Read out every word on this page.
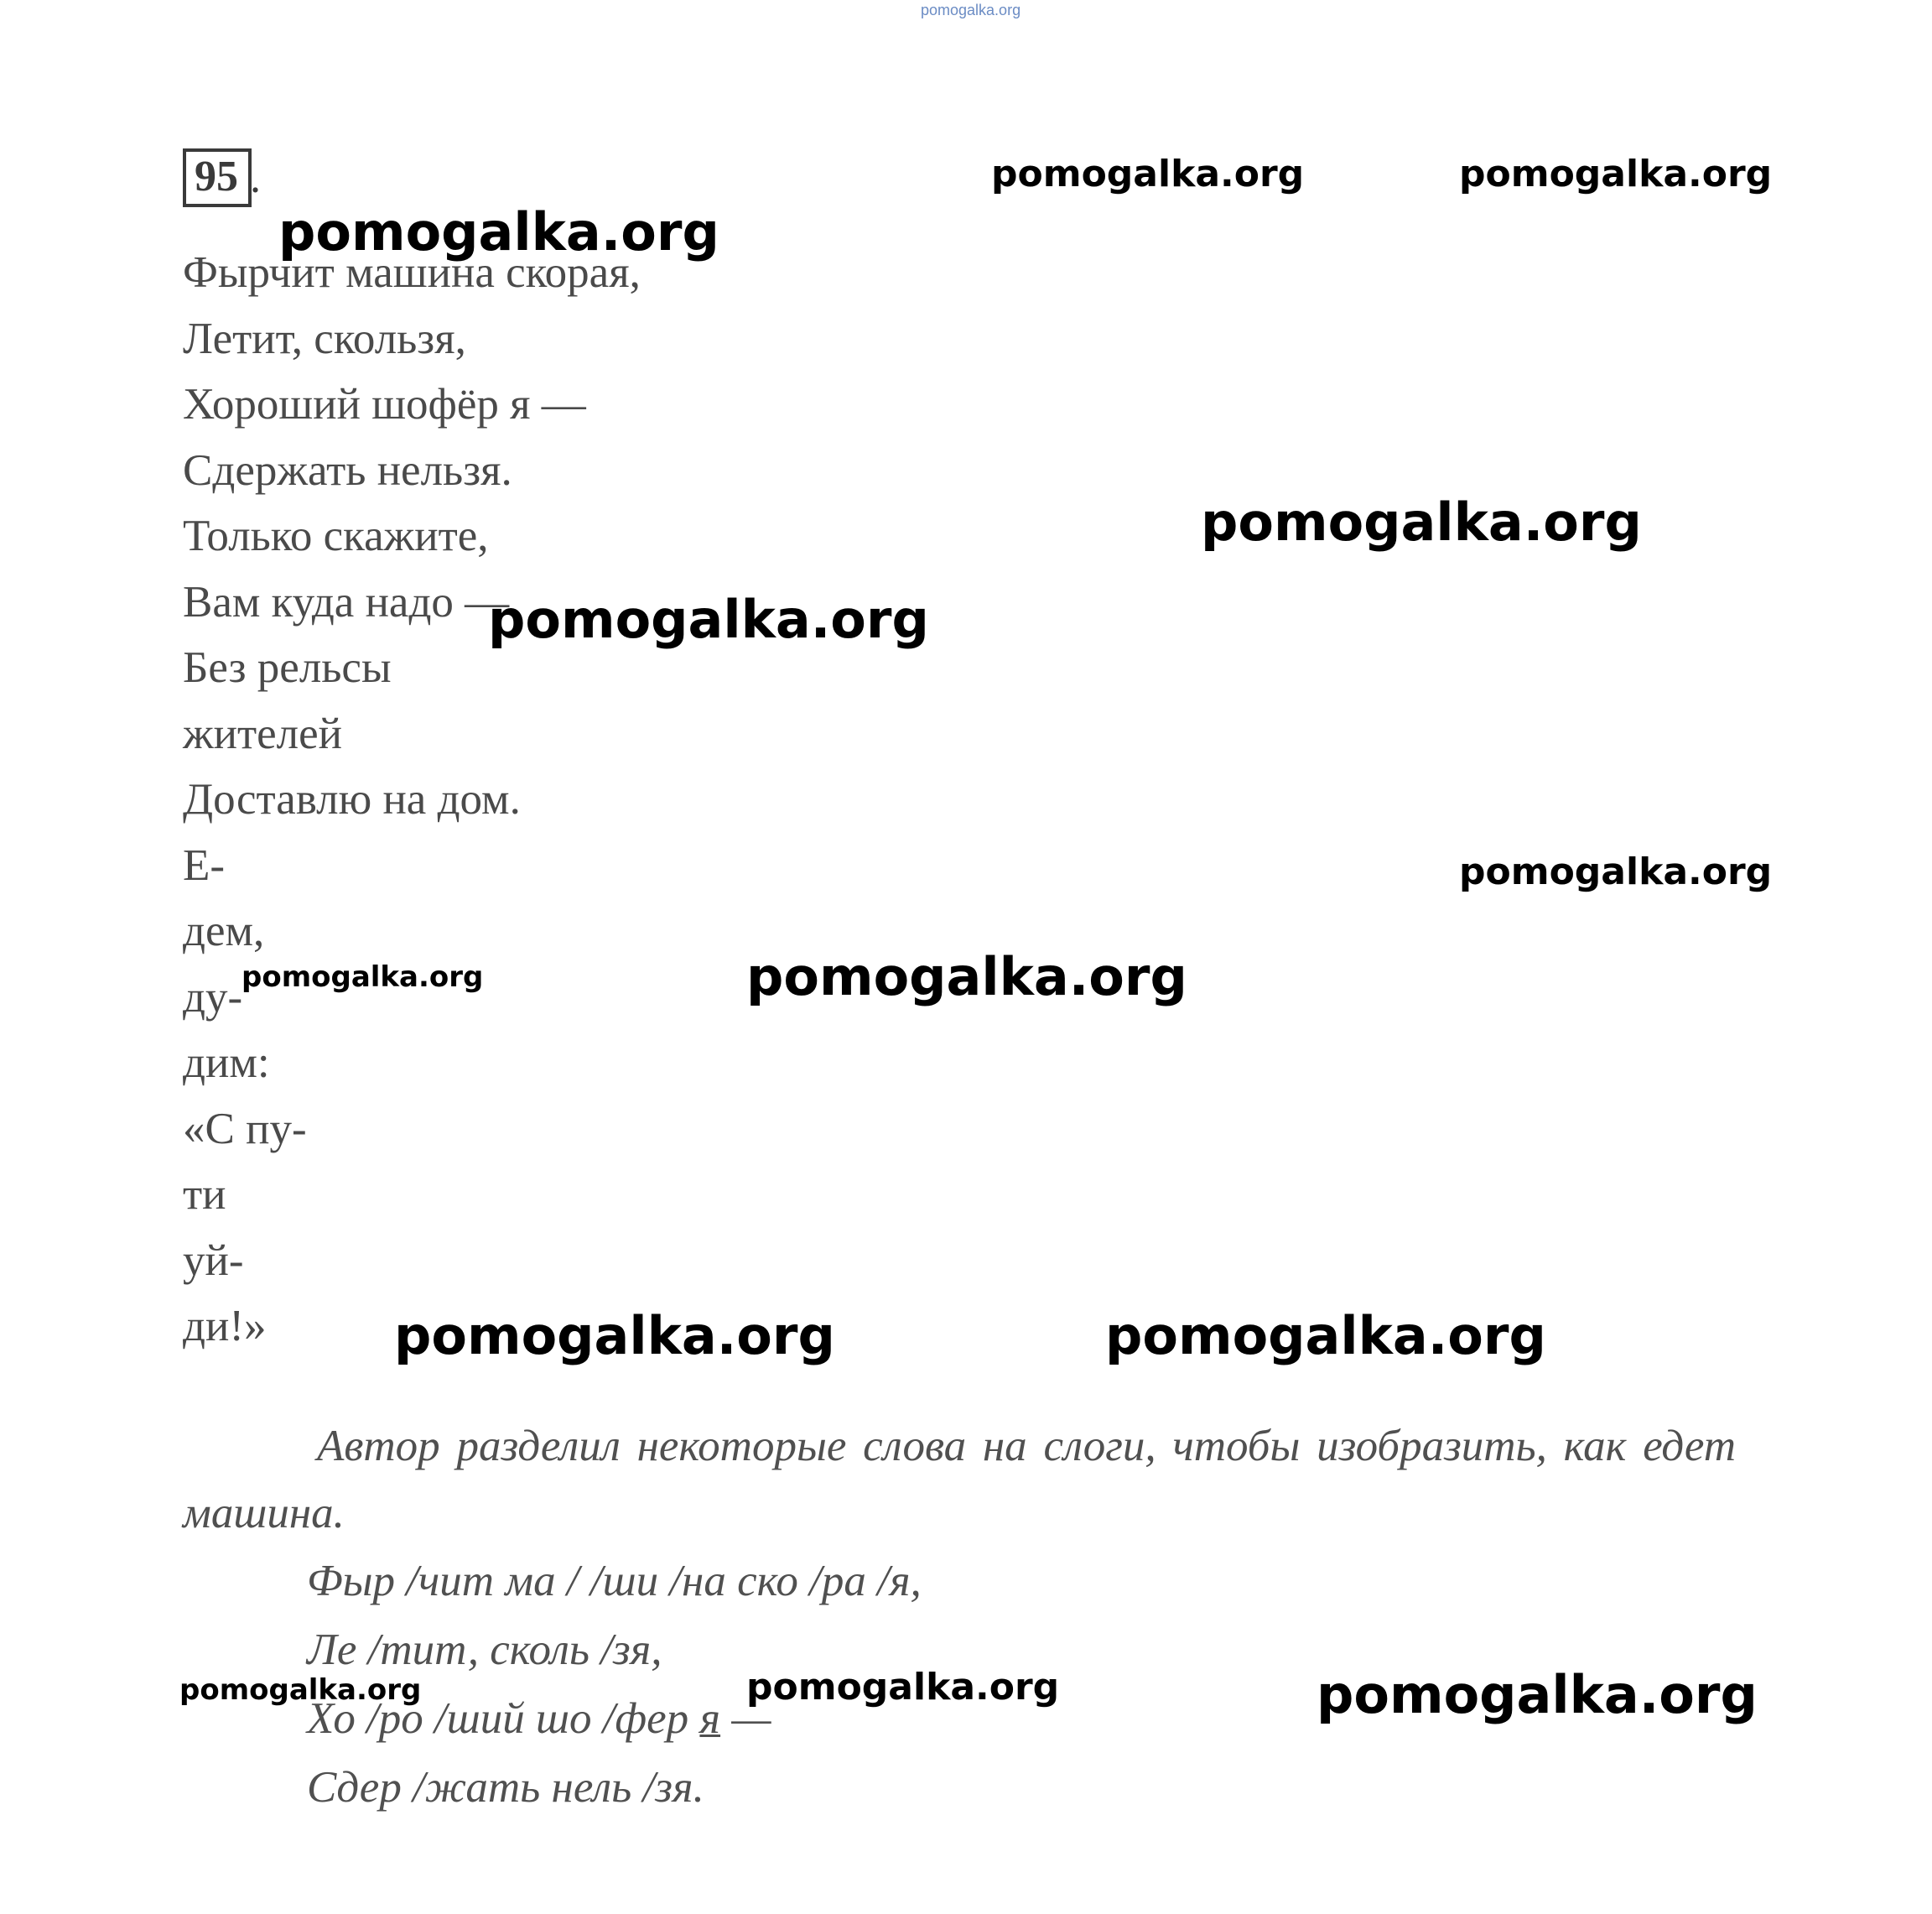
pomogalka.org
95 .
Фырчит машина скорая,
Летит, скользя,
Хороший шофёр я —
Сдержать нельзя.
Только скажите,
Вам куда надо —
Без рельсы
жителей
Доставлю на дом.
Е-
дем,
ду-
дим:
«С пу-
ти
уй-
ди!»

Автор разделил некоторые слова на слоги, чтобы изобразить, как едет машина.

Фыр /чит ма / /ши /на ско /ра /я,
Ле /тит, сколь /зя,
Хо /ро /ший шо /фер я —
Сдер /жать нель /зя.
pomogalka.org	pomogalka.org
pomogalka.org
pomogalka.org
pomogalka.org
pomogalka.org
pomogalka.org	pomogalka.org
pomogalka.org	pomogalka.org
pomogalka.org	pomogalka.org	pomogalka.org
